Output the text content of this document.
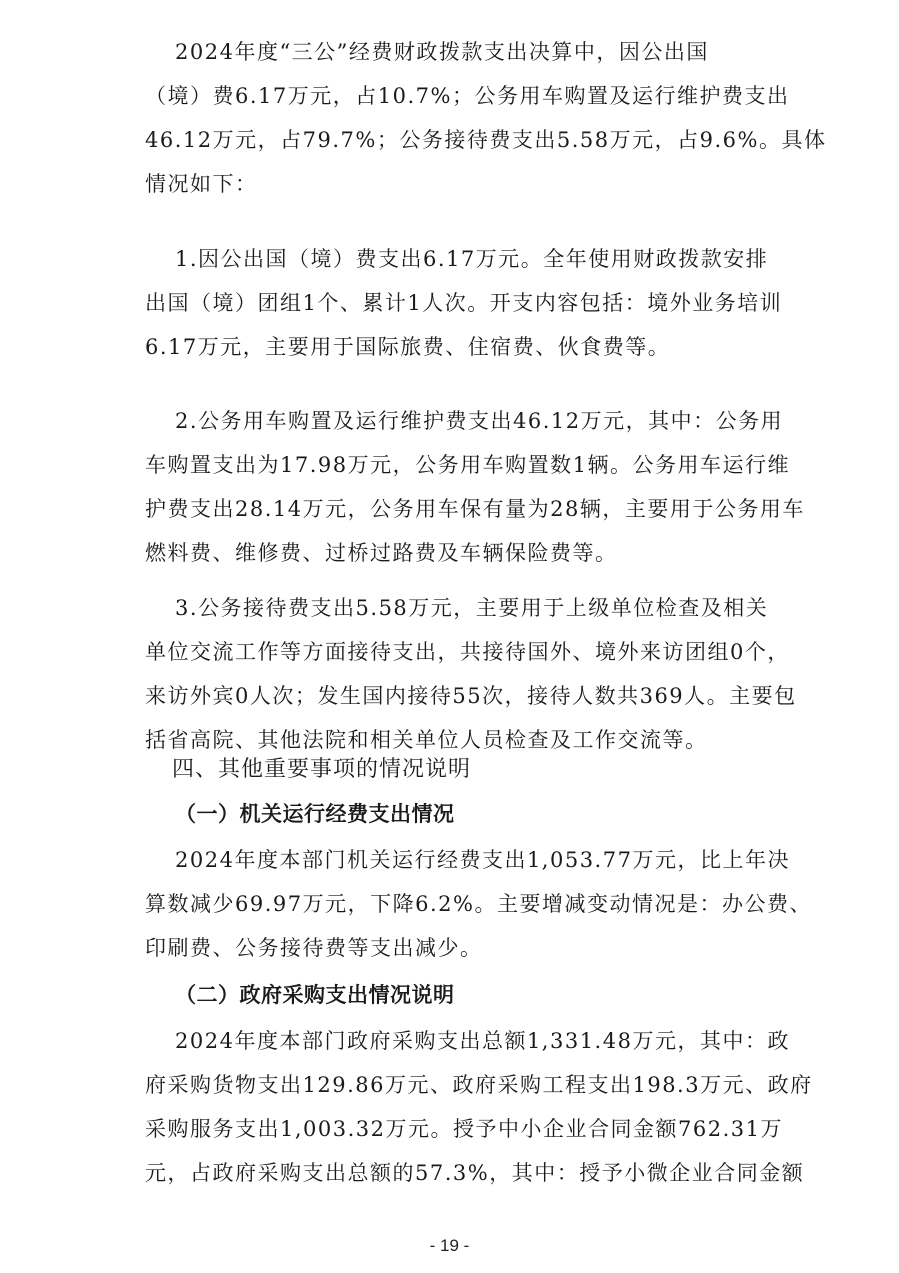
2024年度“三公”经费财政拨款支出决算中，因公出国
（境）费6.17万元，占10.7%；公务用车购置及运行维护费支出
46.12万元，占79.7%；公务接待费支出5.58万元，占9.6%。具体
情况如下：
1.因公出国（境）费支出6.17万元。全年使用财政拨款安排
出国（境）团组1个、累计1人次。开支内容包括：境外业务培训
6.17万元，主要用于国际旅费、住宿费、伙食费等。
2.公务用车购置及运行维护费支出46.12万元，其中：公务用
车购置支出为17.98万元，公务用车购置数1辆。公务用车运行维
护费支出28.14万元，公务用车保有量为28辆，主要用于公务用车
燃料费、维修费、过桥过路费及车辆保险费等。
3.公务接待费支出5.58万元，主要用于上级单位检查及相关
单位交流工作等方面接待支出，共接待国外、境外来访团组0个，
来访外宾0人次；发生国内接待55次，接待人数共369人。主要包
括省高院、其他法院和相关单位人员检查及工作交流等。
四、其他重要事项的情况说明
（一）机关运行经费支出情况
2024年度本部门机关运行经费支出1,053.77万元，比上年决
算数减少69.97万元，下降6.2%。主要增减变动情况是：办公费、
印刷费、公务接待费等支出减少。
（二）政府采购支出情况说明
2024年度本部门政府采购支出总额1,331.48万元，其中：政
府采购货物支出129.86万元、政府采购工程支出198.3万元、政府
采购服务支出1,003.32万元。授予中小企业合同金额762.31万
元，占政府采购支出总额的57.3%，其中：授予小微企业合同金额
- 19 -
